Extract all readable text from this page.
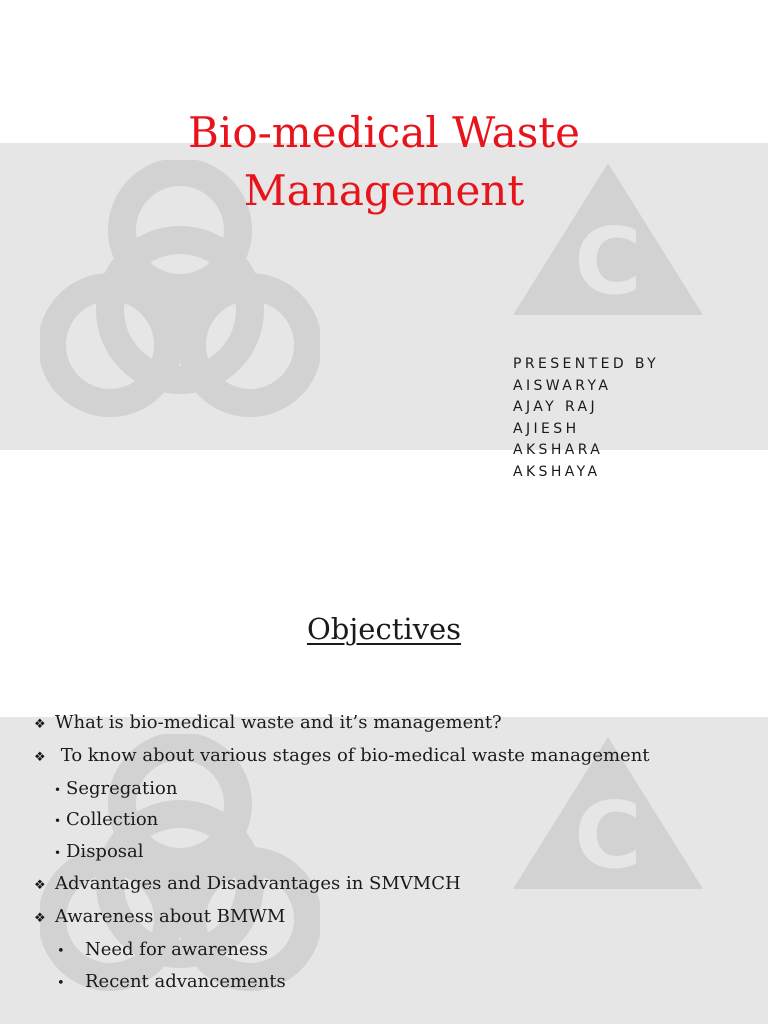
C
Bio-medical Waste
Management
PRESENTED BY
AISWARYA
AJAY RAJ
AJIESH
AKSHARA
AKSHAYA
C
Objectives
❖ What is bio-medical waste and it’s management?
❖ To know about various stages of bio-medical waste management
• Segregation
• Collection
• Disposal
❖ Advantages and Disadvantages in SMVMCH
❖ Awareness about BMWM
•	Need for awareness
•	Recent advancements
